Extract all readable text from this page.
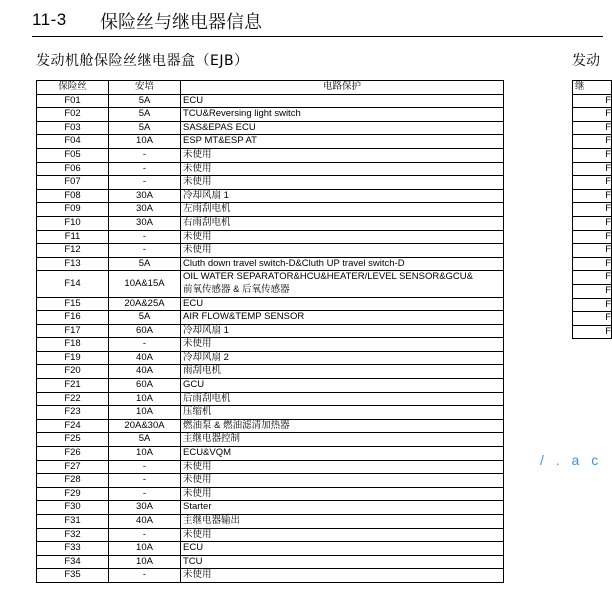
11-3 保险丝与继电器信息
发动机舱保险丝继电器盒（EJB）	发动
保险丝	安培	电路保护
F01	5A	ECU
F02	5A	TCU&Reversing light switch
F03	5A	SAS&EPAS ECU
F04	10A	ESP MT&ESP AT
F05	-	未使用
F06	-	未使用
F07	-	未使用
F08	30A	冷却风扇 1
F09	30A	左雨刮电机
F10	30A	右雨刮电机
F11	-	未使用
F12	-	未使用
F13	5A	Cluth down travel switch-D&Cluth UP travel switch-D
F14	10A&15A	OIL WATER SEPARATOR&HCU&HEATER/LEVEL SENSOR&GCU&
前氧传感器 & 后氧传感器
F15	20A&25A	ECU
F16	5A	AIR FLOW&TEMP SENSOR
F17	60A	冷却风扇 1
F18	-	未使用
F19	40A	冷却风扇 2
F20	40A	雨刮电机
F21	60A	GCU
F22	10A	后雨刮电机
F23	10A	压缩机
F24	20A&30A	燃油泵 & 燃油滤清加热器
F25	5A	主继电器控制
F26	10A	ECU&VQM
F27	-	未使用
F28	-	未使用
F29	-	未使用
F30	30A	Starter
F31	40A	主继电器输出
F32	-	未使用
F33	10A	ECU
F34	10A	TCU
F35	-	未使用
继
F
F
F
F
F
F
F
F
F
F
F
F
F
F
F
F
F
F
/ . a c
